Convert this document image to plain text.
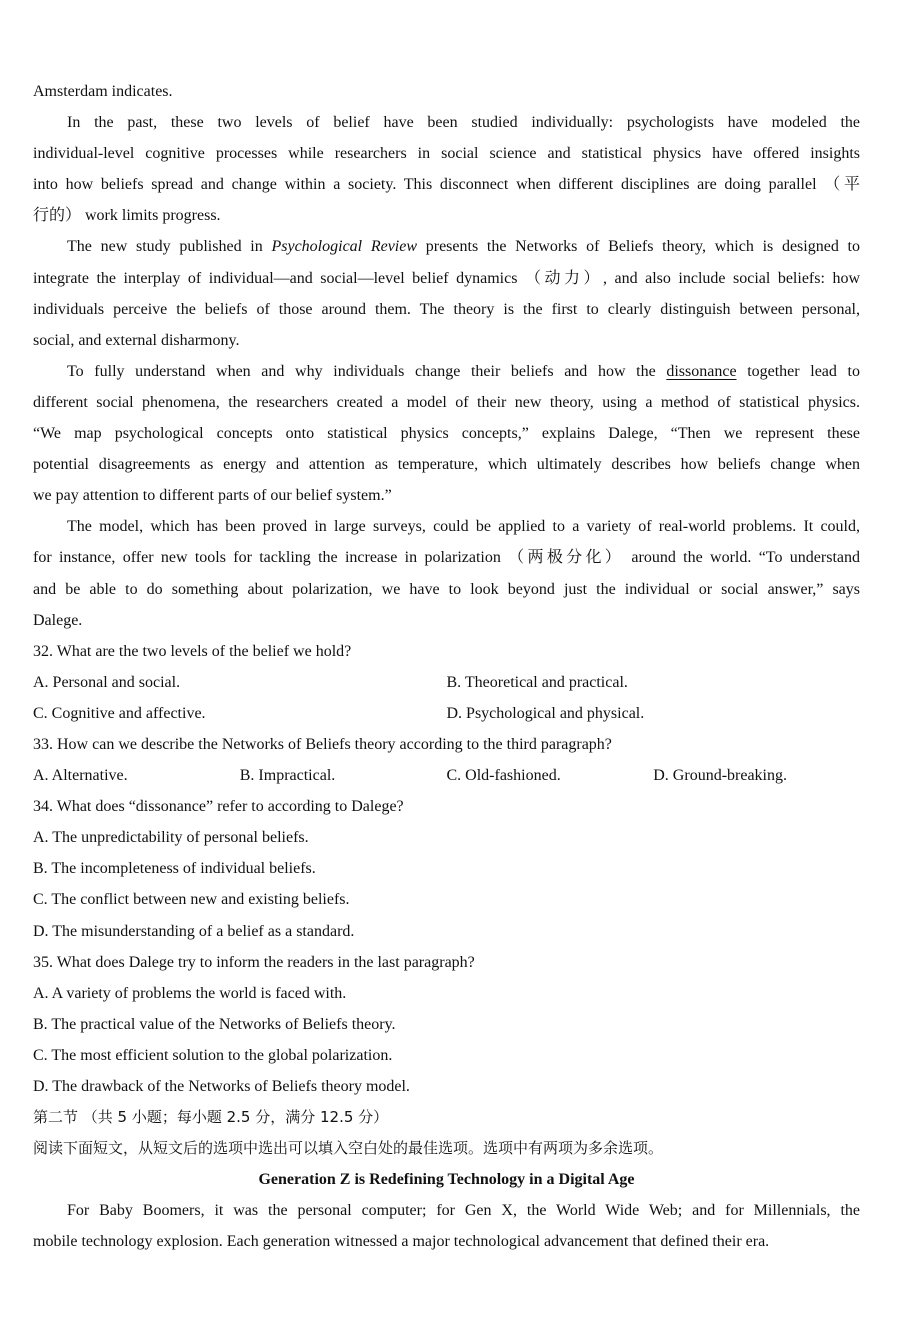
Amsterdam indicates.
In the past, these two levels of belief have been studied individually: psychologists have modeled the
individual-level cognitive processes while researchers in social science and statistical physics have offered insights
into how beliefs spread and change within a society. This disconnect when different disciplines are doing parallel （平
行的） work limits progress.
The new study published in Psychological Review presents the Networks of Beliefs theory, which is designed to
integrate the interplay of individual—and social—level belief dynamics （动力）, and also include social beliefs: how
individuals perceive the beliefs of those around them. The theory is the first to clearly distinguish between personal,
social, and external disharmony.
To fully understand when and why individuals change their beliefs and how the dissonance together lead to
different social phenomena, the researchers created a model of their new theory, using a method of statistical physics.
“We map psychological concepts onto statistical physics concepts,” explains Dalege, “Then we represent these
potential disagreements as energy and attention as temperature, which ultimately describes how beliefs change when
we pay attention to different parts of our belief system.”
The model, which has been proved in large surveys, could be applied to a variety of real-world problems. It could,
for instance, offer new tools for tackling the increase in polarization （两极分化） around the world. “To understand
and be able to do something about polarization, we have to look beyond just the individual or social answer,” says
Dalege.
32. What are the two levels of the belief we hold?
A. Personal and social.	B. Theoretical and practical.
C. Cognitive and affective.	D. Psychological and physical.
33. How can we describe the Networks of Beliefs theory according to the third paragraph?
A. Alternative.	B. Impractical.	C. Old-fashioned.	D. Ground-breaking.
34. What does “dissonance” refer to according to Dalege?
A. The unpredictability of personal beliefs.
B. The incompleteness of individual beliefs.
C. The conflict between new and existing beliefs.
D. The misunderstanding of a belief as a standard.
35. What does Dalege try to inform the readers in the last paragraph?
A. A variety of problems the world is faced with.
B. The practical value of the Networks of Beliefs theory.
C. The most efficient solution to the global polarization.
D. The drawback of the Networks of Beliefs theory model.
第二节 （共 5 小题；每小题 2.5 分，满分 12.5 分）
阅读下面短文，从短文后的选项中选出可以填入空白处的最佳选项。选项中有两项为多余选项。
Generation Z is Redefining Technology in a Digital Age
For Baby Boomers, it was the personal computer; for Gen X, the World Wide Web; and for Millennials, the
mobile technology explosion. Each generation witnessed a major technological advancement that defined their era.
